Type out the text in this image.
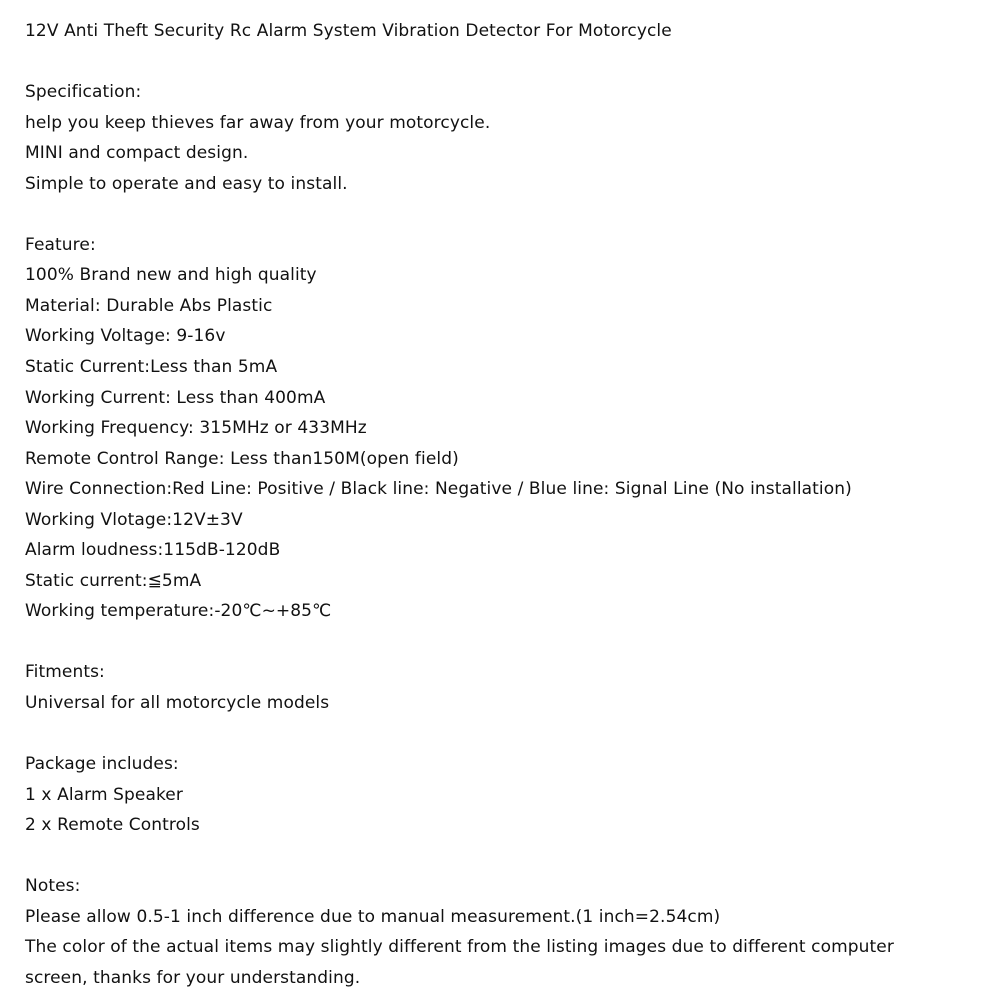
12V Anti Theft Security Rc Alarm System Vibration Detector For Motorcycle
Specification:
help you keep thieves far away from your motorcycle.
MINI and compact design.
Simple to operate and easy to install.
Feature:
100% Brand new and high quality
Material: Durable Abs Plastic
Working Voltage: 9-16v
Static Current:Less than 5mA
Working Current: Less than 400mA
Working Frequency: 315MHz or 433MHz
Remote Control Range: Less than150M(open field)
Wire Connection:Red Line: Positive / Black line: Negative / Blue line: Signal Line (No installation)
Working Vlotage:12V±3V
Alarm loudness:115dB-120dB
Static current:≦5mA
Working temperature:-20℃~+85℃
Fitments:
Universal for all motorcycle models
Package includes:
1 x Alarm Speaker
2 x Remote Controls
Notes:
Please allow 0.5-1 inch difference due to manual measurement.(1 inch=2.54cm)
The color of the actual items may slightly different from the listing images due to different computer
screen, thanks for your understanding.
